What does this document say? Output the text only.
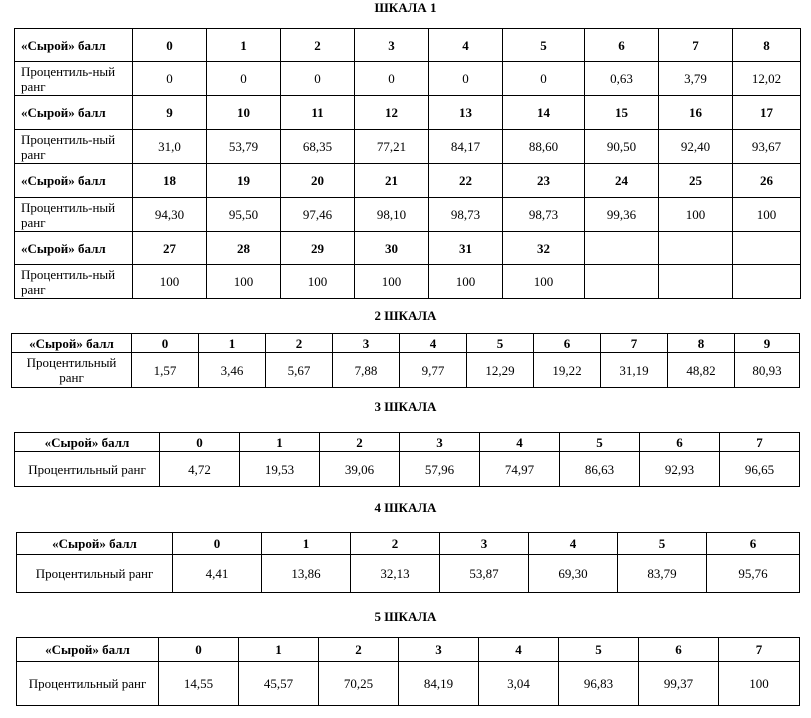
ШКАЛА 1
«Сырой» балл	0	1	2	3	4	5	6	7	8
Процентиль-ный ранг	0	0	0	0	0	0	0,63	3,79	12,02
«Сырой» балл	9	10	11	12	13	14	15	16	17
Процентиль-ный ранг	31,0	53,79	68,35	77,21	84,17	88,60	90,50	92,40	93,67
«Сырой» балл	18	19	20	21	22	23	24	25	26
Процентиль-ный ранг	94,30	95,50	97,46	98,10	98,73	98,73	99,36	100	100
«Сырой» балл	27	28	29	30	31	32			
Процентиль-ный ранг	100	100	100	100	100	100			
2 ШКАЛА
«Сырой» балл	0	1	2	3	4	5	6	7	8	9
Процентильный ранг	1,57	3,46	5,67	7,88	9,77	12,29	19,22	31,19	48,82	80,93
3 ШКАЛА
«Сырой» балл	0	1	2	3	4	5	6	7
Процентильный ранг	4,72	19,53	39,06	57,96	74,97	86,63	92,93	96,65
4 ШКАЛА
«Сырой» балл	0	1	2	3	4	5	6
Процентильный ранг	4,41	13,86	32,13	53,87	69,30	83,79	95,76
5 ШКАЛА
«Сырой» балл	0	1	2	3	4	5	6	7
Процентильный ранг	14,55	45,57	70,25	84,19	3,04	96,83	99,37	100
